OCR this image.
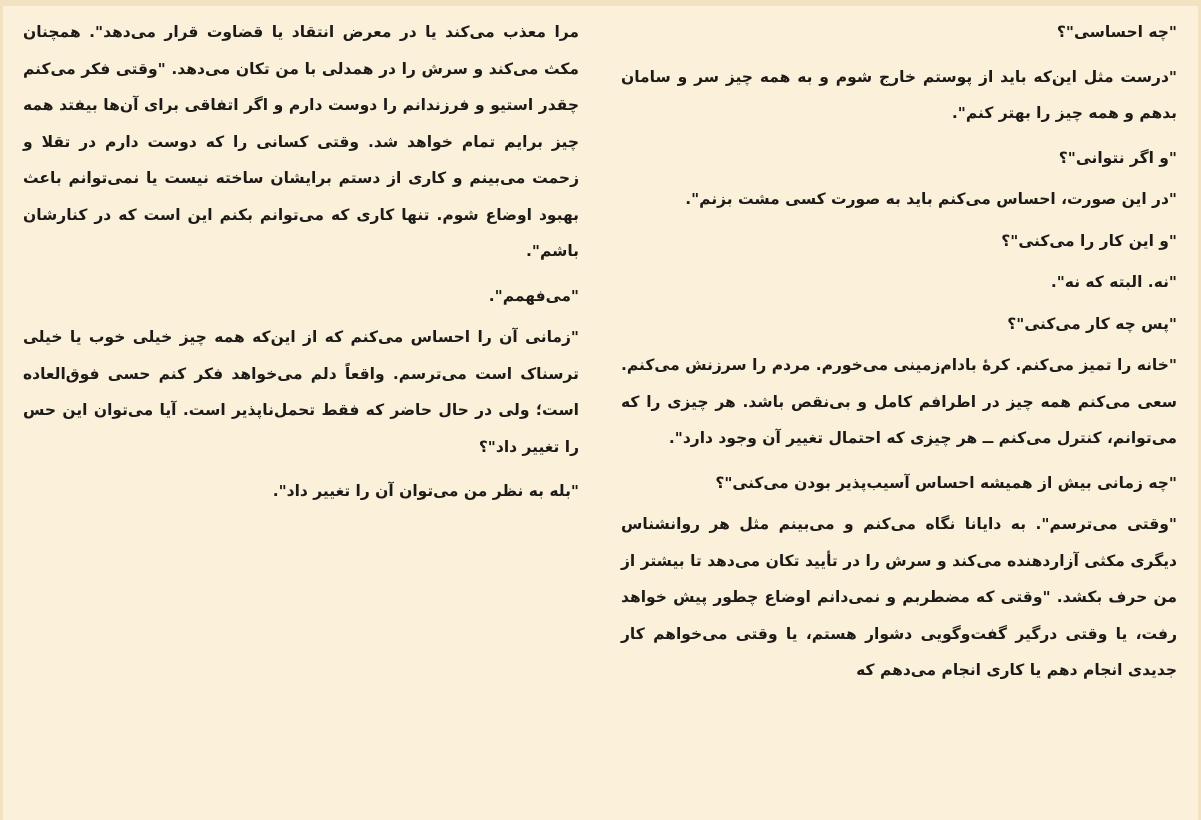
"چه احساسی"؟

"درست مثل این‌که باید از پوستم خارج شوم و به همه چیز سر و سامان بدهم و همه چیز را بهتر کنم".

"و اگر نتوانی"؟

"در این صورت، احساس می‌کنم باید به صورت کسی مشت بزنم".

"و این کار را می‌کنی"؟

"نه. البته که نه".

"پس چه کار می‌کنی"؟

"خانه را تمیز می‌کنم. کرهٔ بادام‌زمینی می‌خورم. مردم را سرزنش می‌کنم. سعی می‌کنم همه چیز در اطرافم کامل و بی‌نقص باشد. هر چیزی را که می‌توانم، کنترل می‌کنم ــ هر چیزی که احتمال تغییر آن وجود دارد".

"چه زمانی بیش از همیشه احساس آسیب‌پذیر بودن می‌کنی"؟

"وقتی می‌ترسم". به دایانا نگاه می‌کنم و می‌بینم مثل هر روانشناس دیگری مکثی آزاردهنده می‌کند و سرش را در تأیید تکان می‌دهد تا بیشتر از من حرف بکشد. "وقتی که مضطربم و نمی‌دانم اوضاع چطور پیش خواهد رفت، یا وقتی درگیر گفت‌وگویی دشوار هستم، یا وقتی می‌خواهم کار جدیدی انجام دهم یا کاری انجام می‌دهم که

مرا معذب می‌کند یا در معرض انتقاد یا قضاوت قرار می‌دهد". همچنان مکث می‌کند و سرش را در همدلی با من تکان می‌دهد. "وقتی فکر می‌کنم چقدر استیو و فرزندانم را دوست دارم و اگر اتفاقی برای آن‌ها بیفتد همه چیز برایم تمام خواهد شد. وقتی کسانی را که دوست دارم در تقلا و زحمت می‌بینم و کاری از دستم برایشان ساخته نیست یا نمی‌توانم باعث بهبود اوضاع شوم. تنها کاری که می‌توانم بکنم این است که در کنارشان باشم".

"می‌فهمم".

"زمانی آن را احساس می‌کنم که از این‌که همه چیز خیلی خوب یا خیلی ترسناک است می‌ترسم. واقعاً دلم می‌خواهد فکر کنم حسی فوق‌العاده است؛ ولی در حال حاضر که فقط تحمل‌ناپذیر است. آیا می‌توان این حس را تغییر داد"؟

"بله به نظر من می‌توان آن را تغییر داد".
